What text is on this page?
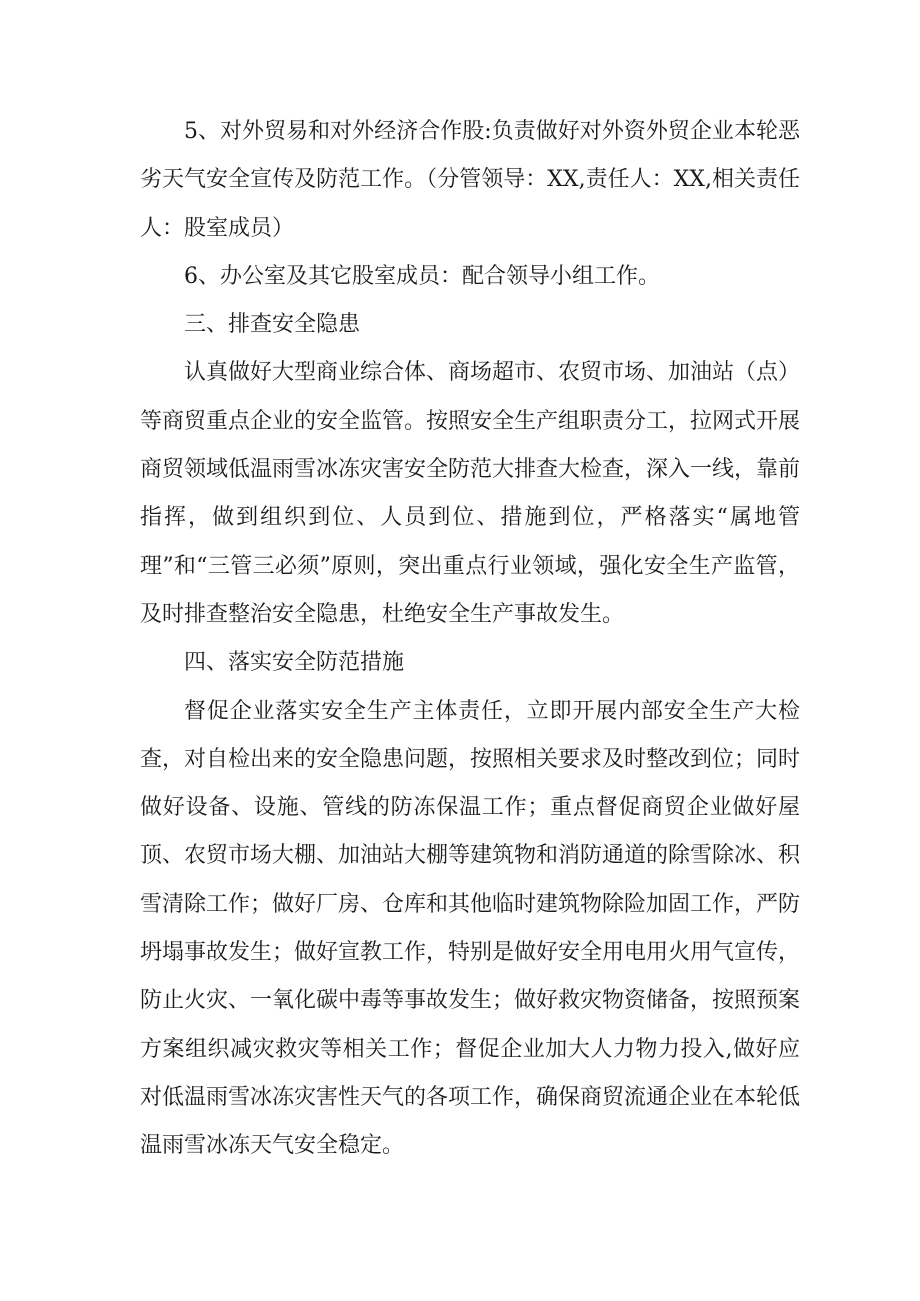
5、对外贸易和对外经济合作股:负责做好对外资外贸企业本轮恶劣天气安全宣传及防范工作。（分管领导：XX,责任人：XX,相关责任人：股室成员）

6、办公室及其它股室成员：配合领导小组工作。

三、排查安全隐患

认真做好大型商业综合体、商场超市、农贸市场、加油站（点）等商贸重点企业的安全监管。按照安全生产组职责分工，拉网式开展商贸领域低温雨雪冰冻灾害安全防范大排查大检查，深入一线，靠前指挥，做到组织到位、人员到位、措施到位，严格落实“属地管理”和“三管三必须”原则，突出重点行业领域，强化安全生产监管，及时排查整治安全隐患，杜绝安全生产事故发生。

四、落实安全防范措施

督促企业落实安全生产主体责任，立即开展内部安全生产大检查，对自检出来的安全隐患问题，按照相关要求及时整改到位；同时做好设备、设施、管线的防冻保温工作；重点督促商贸企业做好屋顶、农贸市场大棚、加油站大棚等建筑物和消防通道的除雪除冰、积雪清除工作；做好厂房、仓库和其他临时建筑物除险加固工作，严防坍塌事故发生；做好宣教工作，特别是做好安全用电用火用气宣传，防止火灾、一氧化碳中毒等事故发生；做好救灾物资储备，按照预案方案组织减灾救灾等相关工作；督促企业加大人力物力投入,做好应对低温雨雪冰冻灾害性天气的各项工作，确保商贸流通企业在本轮低温雨雪冰冻天气安全稳定。
